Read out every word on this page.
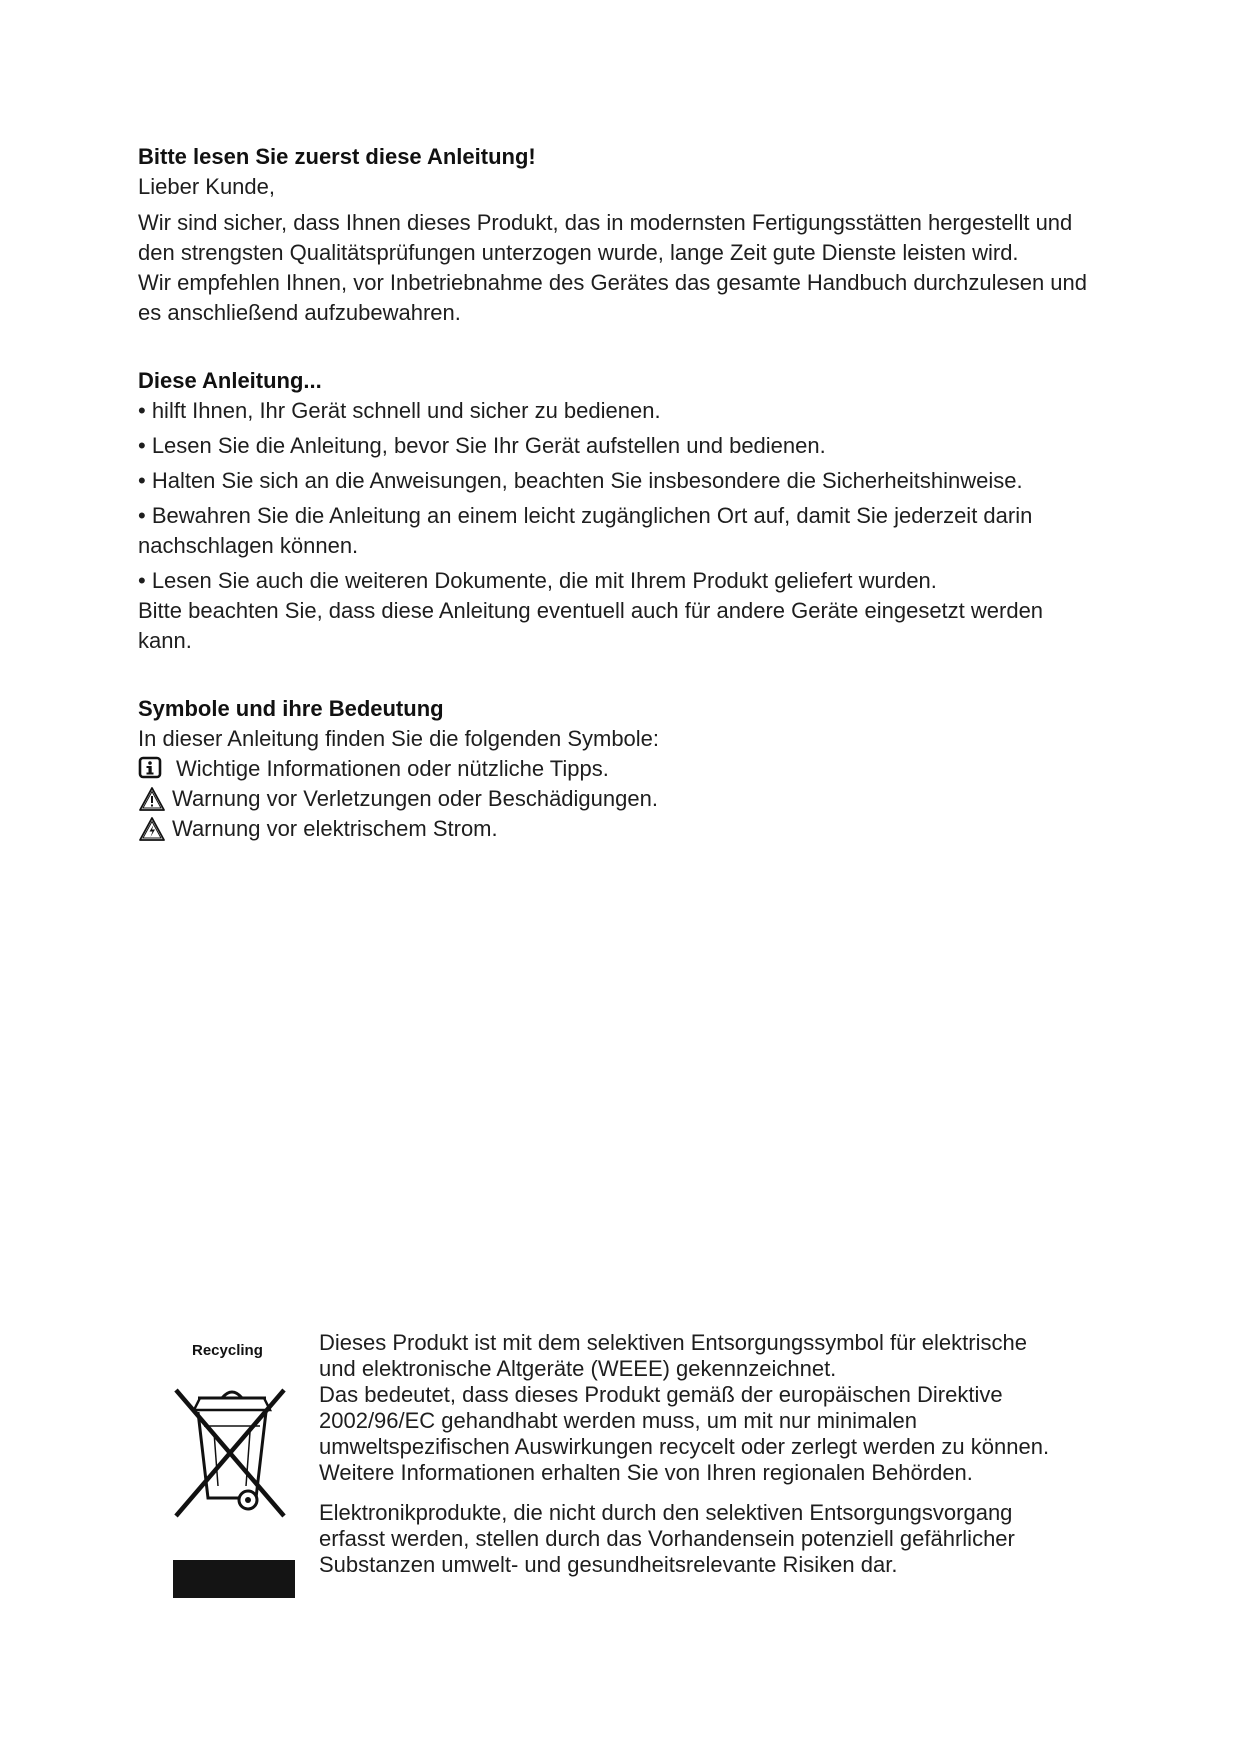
Bitte lesen Sie zuerst diese Anleitung!

Lieber Kunde,

Wir sind sicher, dass Ihnen dieses Produkt, das in modernsten Fertigungsstätten hergestellt und den strengsten Qualitätsprüfungen unterzogen wurde, lange Zeit gute Dienste leisten wird.

Wir empfehlen Ihnen, vor Inbetriebnahme des Gerätes das gesamte Handbuch durchzulesen und es anschließend aufzubewahren.

Diese Anleitung...
• hilft Ihnen, Ihr Gerät schnell und sicher zu bedienen.
• Lesen Sie die Anleitung, bevor Sie Ihr Gerät aufstellen und bedienen.
• Halten Sie sich an die Anweisungen, beachten Sie insbesondere die Sicherheitshinweise.
• Bewahren Sie die Anleitung an einem leicht zugänglichen Ort auf, damit Sie jederzeit darin nachschlagen können.
• Lesen Sie auch die weiteren Dokumente, die mit Ihrem Produkt geliefert wurden.

Bitte beachten Sie, dass diese Anleitung eventuell auch für andere Geräte eingesetzt werden kann.

Symbole und ihre Bedeutung

In dieser Anleitung finden Sie die folgenden Symbole:

Wichtige Informationen oder nützliche Tipps.
Warnung vor Verletzungen oder Beschädigungen.
Warnung vor elektrischem Strom.
Recycling	Dieses Produkt ist mit dem selektiven Entsorgungssymbol für elektrische
und elektronische Altgeräte (WEEE) gekennzeichnet.
Das bedeutet, dass dieses Produkt gemäß der europäischen Direktive
2002/96/EC gehandhabt werden muss, um mit nur minimalen
umweltspezifischen Auswirkungen recycelt oder zerlegt werden zu können.
Weitere Informationen erhalten Sie von Ihren regionalen Behörden.

Elektronikprodukte, die nicht durch den selektiven Entsorgungsvorgang
erfasst werden, stellen durch das Vorhandensein potenziell gefährlicher
Substanzen umwelt- und gesundheitsrelevante Risiken dar.
